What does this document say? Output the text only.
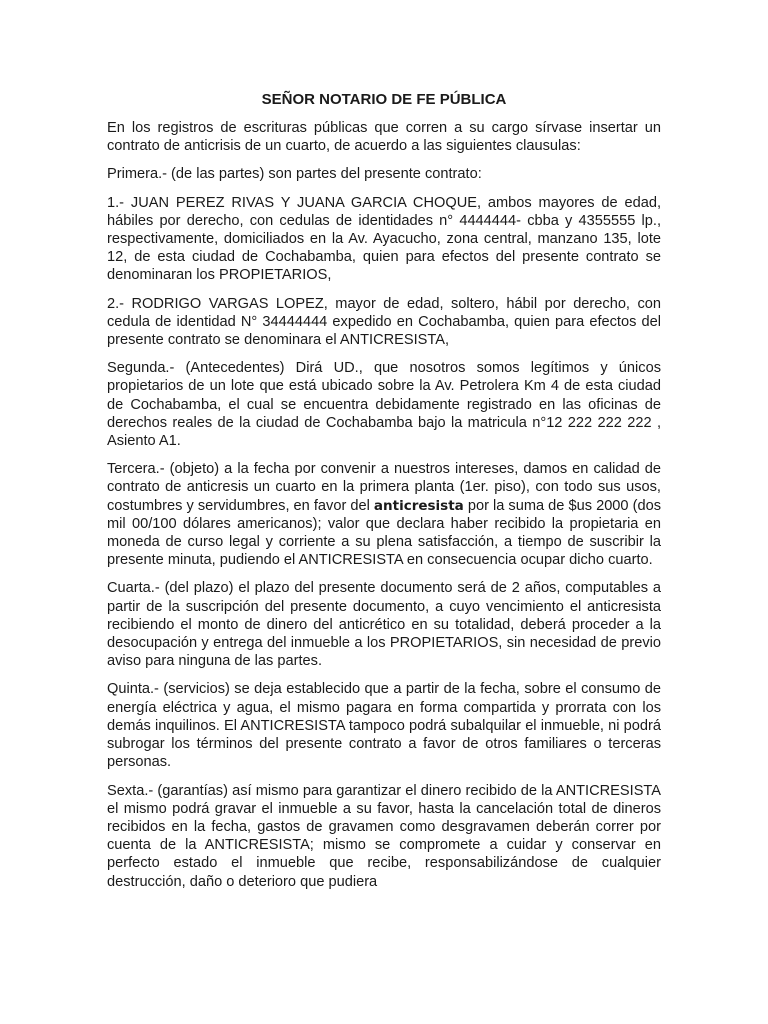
SEÑOR NOTARIO DE FE PÚBLICA

En los registros de escrituras públicas que corren a su cargo sírvase insertar un contrato de anticrisis de un cuarto, de acuerdo a las siguientes clausulas:

Primera.- (de las partes) son partes del presente contrato:

1.- JUAN PEREZ RIVAS Y JUANA GARCIA CHOQUE, ambos mayores de edad, hábiles por derecho, con cedulas de identidades n° 4444444- cbba y 4355555 lp., respectivamente, domiciliados en la Av. Ayacucho, zona central, manzano 135, lote 12, de esta ciudad de Cochabamba, quien para efectos del presente contrato se denominaran los PROPIETARIOS,

2.- RODRIGO VARGAS LOPEZ, mayor de edad, soltero, hábil por derecho, con cedula de identidad N° 34444444 expedido en Cochabamba, quien para efectos del presente contrato se denominara el ANTICRESISTA,

Segunda.- (Antecedentes) Dirá UD., que nosotros somos legítimos y únicos propietarios de un lote que está ubicado sobre la Av. Petrolera Km 4 de esta ciudad de Cochabamba, el cual se encuentra debidamente registrado en las oficinas de derechos reales de la ciudad de Cochabamba bajo la matricula n°12 222 222 222 , Asiento A1.

Tercera.- (objeto) a la fecha por convenir a nuestros intereses, damos en calidad de contrato de anticresis un cuarto en la primera planta (1er. piso), con todo sus usos, costumbres y servidumbres, en favor del anticresista por la suma de $us 2000 (dos mil 00/100 dólares americanos); valor que declara haber recibido la propietaria en moneda de curso legal y corriente a su plena satisfacción, a tiempo de suscribir la presente minuta, pudiendo el ANTICRESISTA en consecuencia ocupar dicho cuarto.

Cuarta.- (del plazo) el plazo del presente documento será de 2 años, computables a partir de la suscripción del presente documento, a cuyo vencimiento el anticresista recibiendo el monto de dinero del anticrético en su totalidad, deberá proceder a la desocupación y entrega del inmueble a los PROPIETARIOS, sin necesidad de previo aviso para ninguna de las partes.

Quinta.- (servicios) se deja establecido que a partir de la fecha, sobre el consumo de energía eléctrica y agua, el mismo pagara en forma compartida y prorrata con los demás inquilinos. El ANTICRESISTA tampoco podrá subalquilar el inmueble, ni podrá subrogar los términos del presente contrato a favor de otros familiares o terceras personas.

Sexta.- (garantías) así mismo para garantizar el dinero recibido de la ANTICRESISTA el mismo podrá gravar el inmueble a su favor, hasta la cancelación total de dineros recibidos en la fecha, gastos de gravamen como desgravamen deberán correr por cuenta de la ANTICRESISTA; mismo se compromete a cuidar y conservar en perfecto estado el inmueble que recibe, responsabilizándose de cualquier destrucción, daño o deterioro que pudiera
